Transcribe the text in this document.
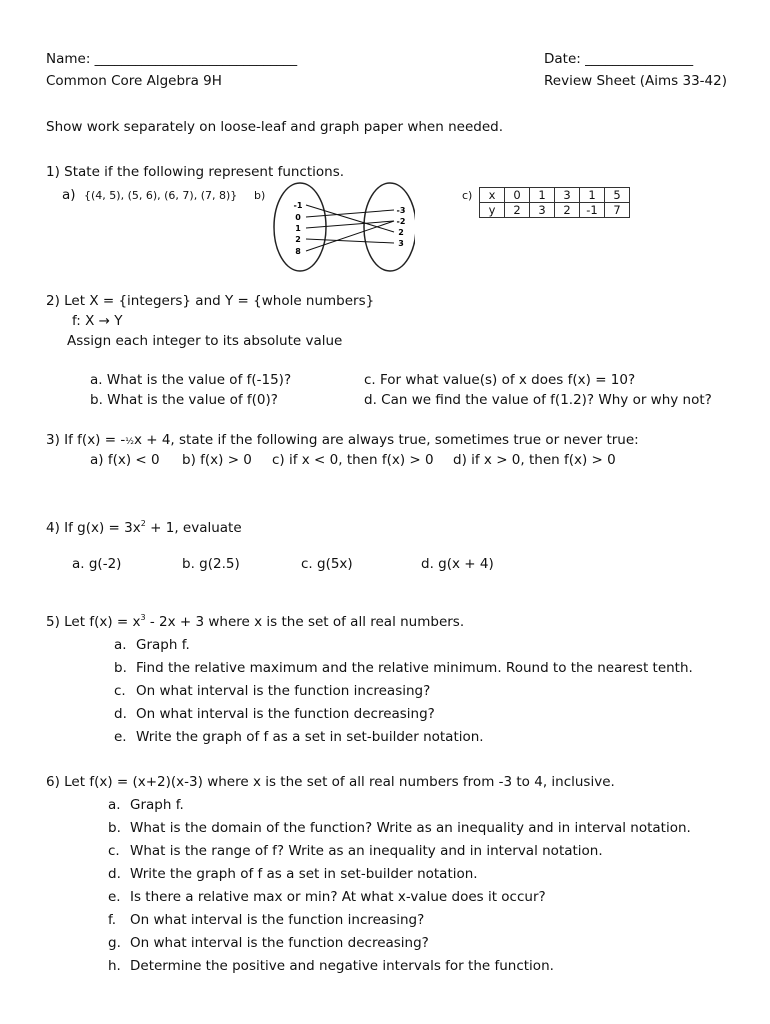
Name: ______________________________	Date: ________________
Common Core Algebra 9H	Review Sheet (Aims 33-42)
Show work separately on loose-leaf and graph paper when needed.
1) State if the following represent functions.
a) {(4, 5), (5, 6), (6, 7), (7, 8)} b)
-1
0
1
2
8
-3
-2
2
3
c) x	0	1	3	1	5
y	2	3	2	-1	7
2) Let X = {integers} and Y = {whole numbers}
f: X → Y
Assign each integer to its absolute value
a. What is the value of f(-15)?
b. What is the value of f(0)?
c. For what value(s) of x does f(x) = 10?
d. Can we find the value of f(1.2)? Why or why not?
3) If f(x) = -½x + 4, state if the following are always true, sometimes true or never true:
a) f(x) < 0 b) f(x) > 0 c) if x < 0, then f(x) > 0 d) if x > 0, then f(x) > 0
4) If $g(x) = 3x^2 + 1$, evaluate
a. g(-2)	b. g(2.5)	c. g(5x)	d. g(x + 4)
5) Let $f(x) = x^3 - 2x + 3$ where x is the set of all real numbers.
a. Graph f.
b. Find the relative maximum and the relative minimum. Round to the nearest tenth.
c. On what interval is the function increasing?
d. On what interval is the function decreasing?
e. Write the graph of f as a set in set-builder notation.
6) Let f(x) = (x+2)(x-3) where x is the set of all real numbers from -3 to 4, inclusive.
a. Graph f.
b. What is the domain of the function? Write as an inequality and in interval notation.
c. What is the range of f? Write as an inequality and in interval notation.
d. Write the graph of f as a set in set-builder notation.
e. Is there a relative max or min? At what x-value does it occur?
f. On what interval is the function increasing?
g. On what interval is the function decreasing?
h. Determine the positive and negative intervals for the function.
